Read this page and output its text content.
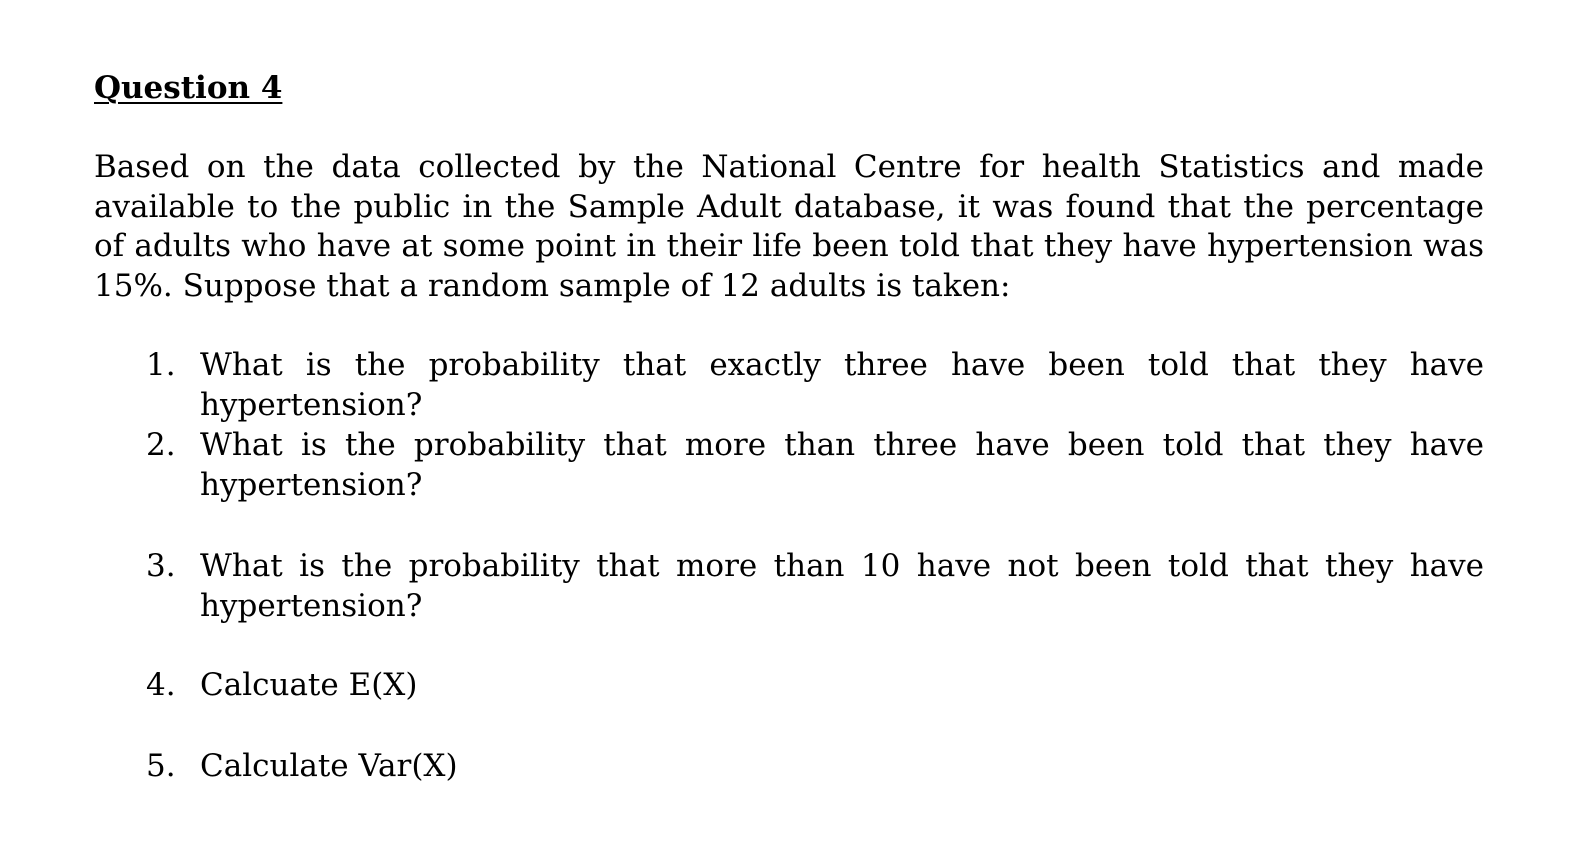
Question 4

Based on the data collected by the National Centre for health Statistics and made available to the public in the Sample Adult database, it was found that the percentage of adults who have at some point in their life been told that they have hypertension was 15%. Suppose that a random sample of 12 adults is taken:

1. What is the probability that exactly three have been told that they have hypertension?
2. What is the probability that more than three have been told that they have hypertension?
3. What is the probability that more than 10 have not been told that they have hypertension?
4. Calcuate E(X)
5. Calculate Var(X)
